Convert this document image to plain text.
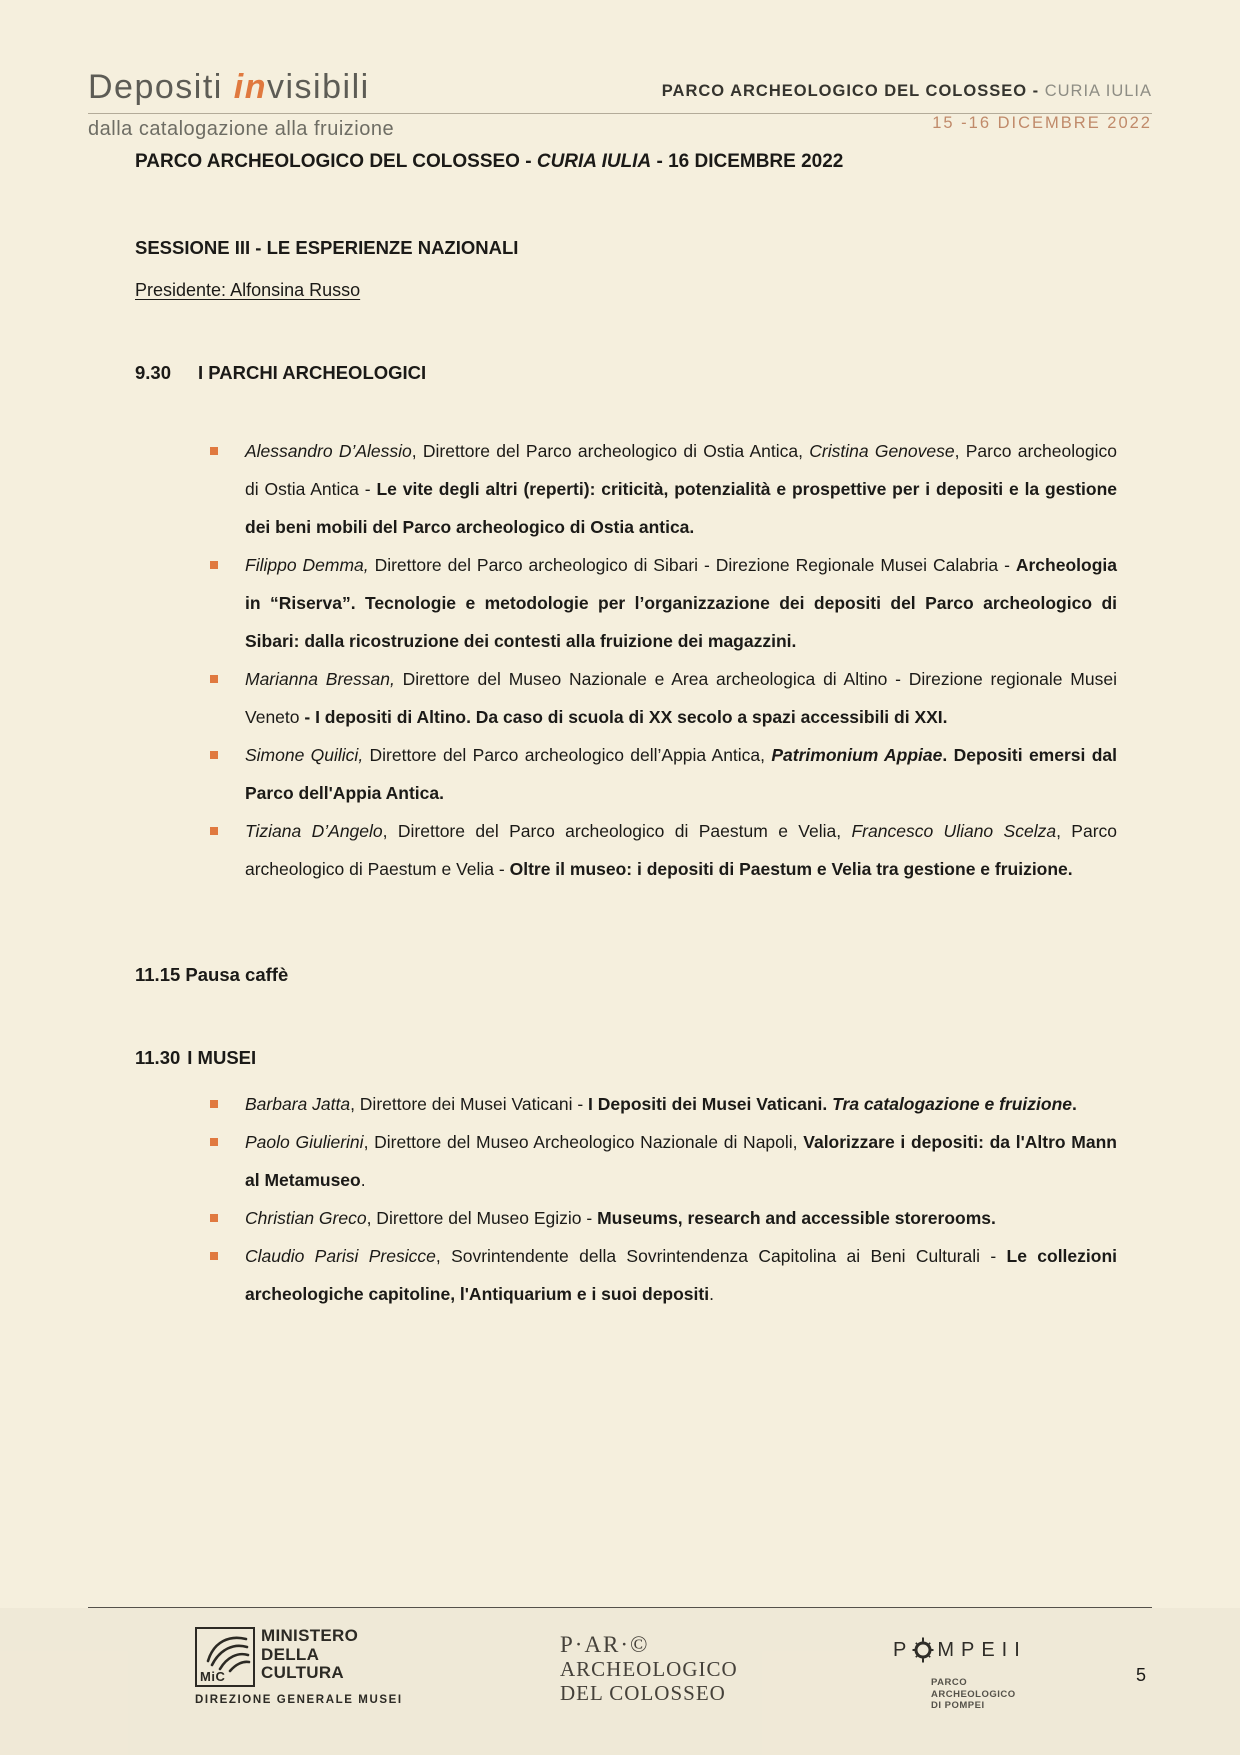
Depositi invisibili
dalla catalogazione alla fruizione
PARCO ARCHEOLOGICO DEL COLOSSEO - CURIA IULIA
15 -16 DICEMBRE 2022
PARCO ARCHEOLOGICO DEL COLOSSEO - CURIA IULIA - 16 DICEMBRE 2022
SESSIONE III - LE ESPERIENZE NAZIONALI
Presidente: Alfonsina Russo
9.30 I PARCHI ARCHEOLOGICI
Alessandro D’Alessio, Direttore del Parco archeologico di Ostia Antica, Cristina Genovese, Parco archeologico di Ostia Antica - Le vite degli altri (reperti): criticità, potenzialità e prospettive per i depositi e la gestione dei beni mobili del Parco archeologico di Ostia antica.
Filippo Demma, Direttore del Parco archeologico di Sibari - Direzione Regionale Musei Calabria - Archeologia in “Riserva”. Tecnologie e metodologie per l’organizzazione dei depositi del Parco archeologico di Sibari: dalla ricostruzione dei contesti alla fruizione dei magazzini.
Marianna Bressan, Direttore del Museo Nazionale e Area archeologica di Altino - Direzione regionale Musei Veneto - I depositi di Altino. Da caso di scuola di XX secolo a spazi accessibili di XXI.
Simone Quilici, Direttore del Parco archeologico dell’Appia Antica, Patrimonium Appiae. Depositi emersi dal Parco dell'Appia Antica.
Tiziana D’Angelo, Direttore del Parco archeologico di Paestum e Velia, Francesco Uliano Scelza, Parco archeologico di Paestum e Velia - Oltre il museo: i depositi di Paestum e Velia tra gestione e fruizione.
11.15 Pausa caffè
11.30 I MUSEI
Barbara Jatta, Direttore dei Musei Vaticani - I Depositi dei Musei Vaticani. Tra catalogazione e fruizione.
Paolo Giulierini, Direttore del Museo Archeologico Nazionale di Napoli, Valorizzare i depositi: da l'Altro Mann al Metamuseo.
Christian Greco, Direttore del Museo Egizio - Museums, research and accessible storerooms.
Claudio Parisi Presicce, Sovrintendente della Sovrintendenza Capitolina ai Beni Culturali - Le collezioni archeologiche capitoline, l'Antiquarium e i suoi depositi.
MiC
MINISTERO
DELLA
CULTURA
DIREZIONE GENERALE MUSEI
P·AR·©
ARCHEOLOGICO
DEL COLOSSEO
P MPEII
PARCO
ARCHEOLOGICO
DI POMPEI
5
